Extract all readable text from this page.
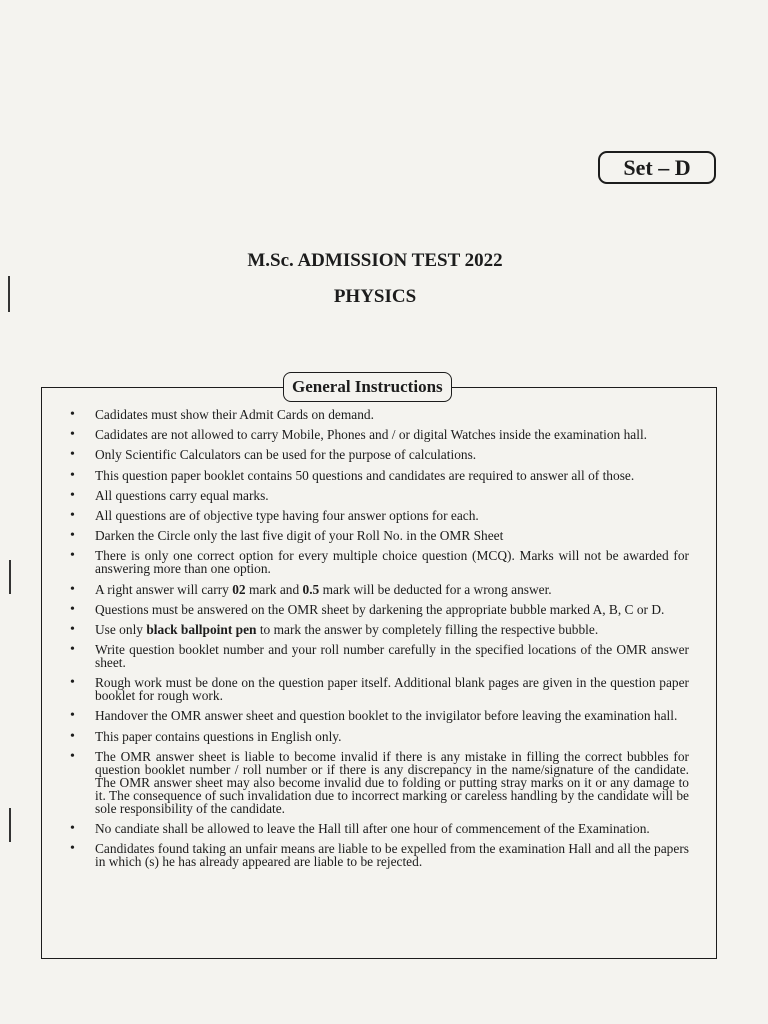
Set – D
M.Sc. ADMISSION TEST 2022
PHYSICS
General Instructions
• Cadidates must show their Admit Cards on demand.
• Cadidates are not allowed to carry Mobile, Phones and / or digital Watches inside the examination hall.
• Only Scientific Calculators can be used for the purpose of calculations.
• This question paper booklet contains 50 questions and candidates are required to answer all of those.
• All questions carry equal marks.
• All questions are of objective type having four answer options for each.
• Darken the Circle only the last five digit of your Roll No. in the OMR Sheet
• There is only one correct option for every multiple choice question (MCQ). Marks will not be awarded for answering more than one option.
• A right answer will carry 02 mark and 0.5 mark will be deducted for a wrong answer.
• Questions must be answered on the OMR sheet by darkening the appropriate bubble marked A, B, C or D.
• Use only black ballpoint pen to mark the answer by completely filling the respective bubble.
• Write question booklet number and your roll number carefully in the specified locations of the OMR answer sheet.
• Rough work must be done on the question paper itself. Additional blank pages are given in the question paper booklet for rough work.
• Handover the OMR answer sheet and question booklet to the invigilator before leaving the examination hall.
• This paper contains questions in English only.
• The OMR answer sheet is liable to become invalid if there is any mistake in filling the correct bubbles for question booklet number / roll number or if there is any discrepancy in the name/signature of the candidate. The OMR answer sheet may also become invalid due to folding or putting stray marks on it or any damage to it. The consequence of such invalidation due to incorrect marking or careless handling by the candidate will be sole responsibility of the candidate.
• No candiate shall be allowed to leave the Hall till after one hour of commencement of the Examination.
• Candidates found taking an unfair means are liable to be expelled from the examination Hall and all the papers in which (s) he has already appeared are liable to be rejected.
